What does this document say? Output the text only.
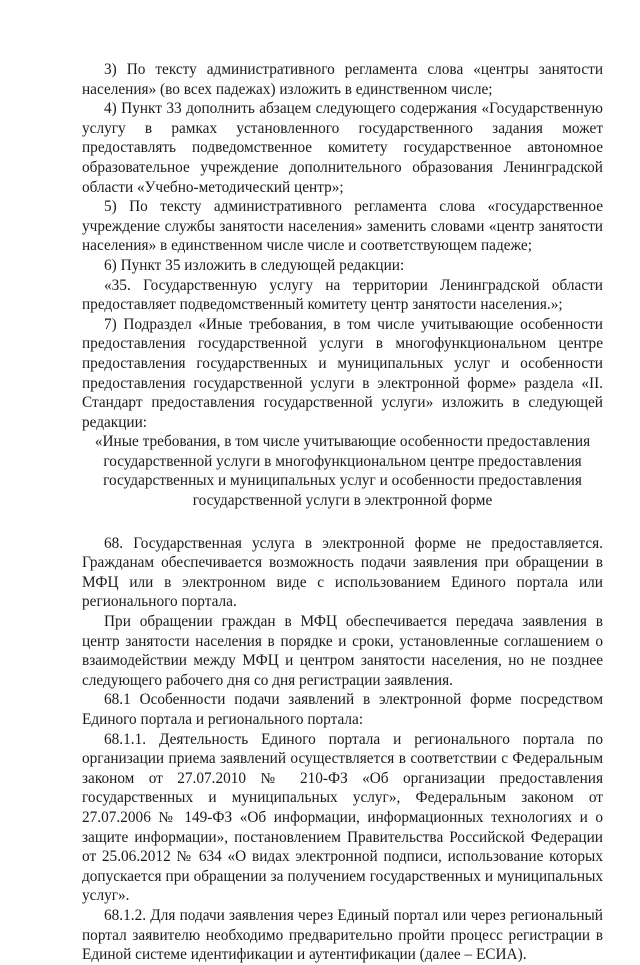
3) По тексту административного регламента слова «центры занятости населения» (во всех падежах) изложить в единственном числе;

4) Пункт 33 дополнить абзацем следующего содержания «Государственную услугу в рамках установленного государственного задания может предоставлять подведомственное комитету государственное автономное образовательное учреждение дополнительного образования Ленинградской области «Учебно-методический центр»;

5) По тексту административного регламента слова «государственное учреждение службы занятости населения» заменить словами «центр занятости населения» в единственном числе числе и соответствующем падеже;

6) Пункт 35 изложить в следующей редакции:

«35. Государственную услугу на территории Ленинградской области предоставляет подведомственный комитету центр занятости населения.»;

7) Подраздел «Иные требования, в том числе учитывающие особенности предоставления государственной услуги в многофункциональном центре предоставления государственных и муниципальных услуг и особенности предоставления государственной услуги в электронной форме» раздела «II. Стандарт предоставления государственной услуги» изложить в следующей редакции:

«Иные требования, в том числе учитывающие особенности предоставления государственной услуги в многофункциональном центре предоставления государственных и муниципальных услуг и особенности предоставления государственной услуги в электронной форме

68. Государственная услуга в электронной форме не предоставляется. Гражданам обеспечивается возможность подачи заявления при обращении в МФЦ или в электронном виде с использованием Единого портала или регионального портала.

При обращении граждан в МФЦ обеспечивается передача заявления в центр занятости населения в порядке и сроки, установленные соглашением о взаимодействии между МФЦ и центром занятости населения, но не позднее следующего рабочего дня со дня регистрации заявления.

68.1 Особенности подачи заявлений в электронной форме посредством Единого портала и регионального портала:

68.1.1. Деятельность Единого портала и регионального портала по организации приема заявлений осуществляется в соответствии с Федеральным законом от 27.07.2010 № 210-ФЗ «Об организации предоставления государственных и муниципальных услуг», Федеральным законом от 27.07.2006 № 149-ФЗ «Об информации, информационных технологиях и о защите информации», постановлением Правительства Российской Федерации от 25.06.2012 № 634 «О видах электронной подписи, использование которых допускается при обращении за получением государственных и муниципальных услуг».

68.1.2. Для подачи заявления через Единый портал или через региональный портал заявителю необходимо предварительно пройти процесс регистрации в Единой системе идентификации и аутентификации (далее – ЕСИА).
